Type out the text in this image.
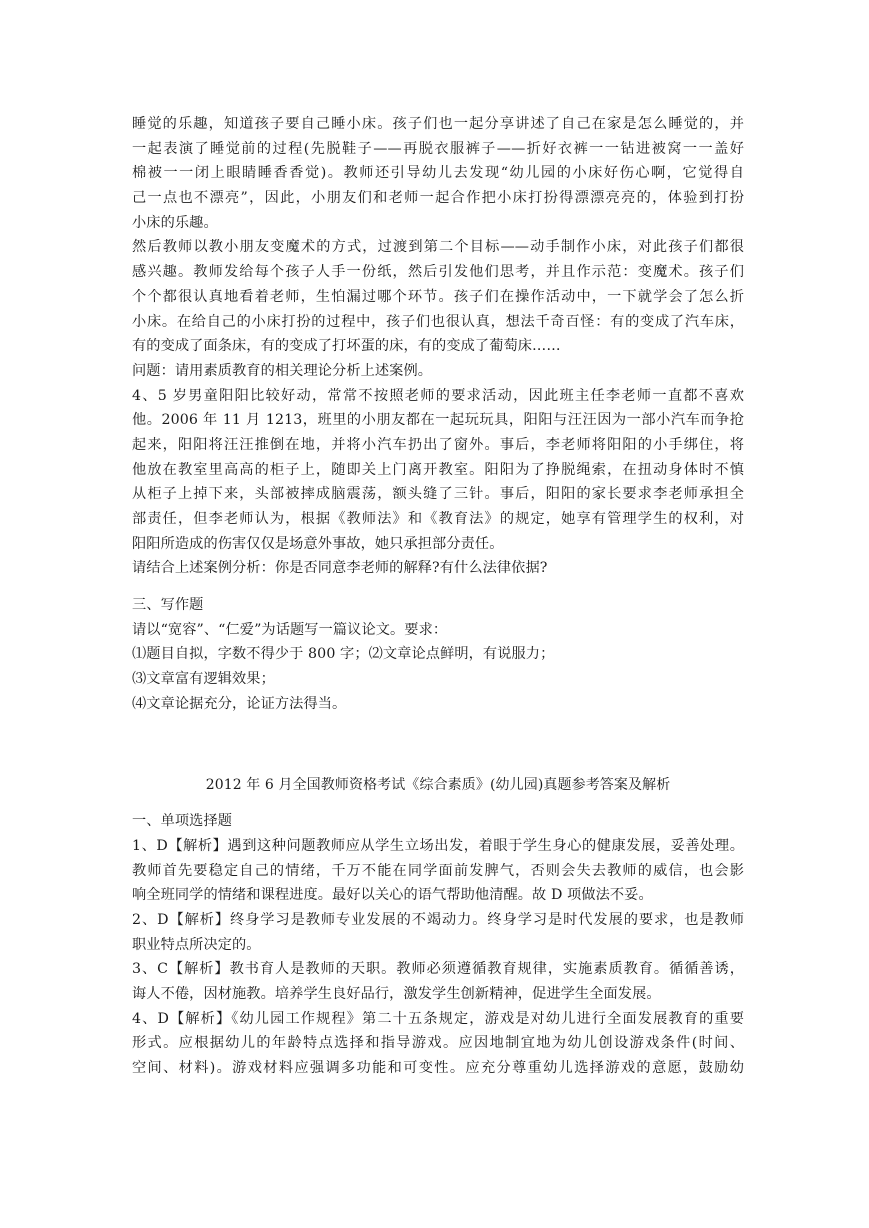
睡觉的乐趣，知道孩子要自己睡小床。孩子们也一起分享讲述了自己在家是怎么睡觉的，并
一起表演了睡觉前的过程(先脱鞋子——再脱衣服裤子——折好衣裤一一钻进被窝一一盖好
棉被一一闭上眼睛睡香香觉)。教师还引导幼儿去发现“幼儿园的小床好伤心啊，它觉得自
己一点也不漂亮”，因此，小朋友们和老师一起合作把小床打扮得漂漂亮亮的，体验到打扮
小床的乐趣。
然后教师以教小朋友变魔术的方式，过渡到第二个目标——动手制作小床，对此孩子们都很
感兴趣。教师发给每个孩子人手一份纸，然后引发他们思考，并且作示范：变魔术。孩子们
个个都很认真地看着老师，生怕漏过哪个环节。孩子们在操作活动中，一下就学会了怎么折
小床。在给自己的小床打扮的过程中，孩子们也很认真，想法千奇百怪：有的变成了汽车床，
有的变成了面条床，有的变成了打坏蛋的床，有的变成了葡萄床……
问题：请用素质教育的相关理论分析上述案例。
4、5 岁男童阳阳比较好动，常常不按照老师的要求活动，因此班主任李老师一直都不喜欢
他。2006 年 11 月 1213，班里的小朋友都在一起玩玩具，阳阳与汪汪因为一部小汽车而争抢
起来，阳阳将汪汪推倒在地，并将小汽车扔出了窗外。事后，李老师将阳阳的小手绑住，将
他放在教室里高高的柜子上，随即关上门离开教室。阳阳为了挣脱绳索，在扭动身体时不慎
从柜子上掉下来，头部被摔成脑震荡，额头缝了三针。事后，阳阳的家长要求李老师承担全
部责任，但李老师认为，根据《教师法》和《教育法》的规定，她享有管理学生的权利，对
阳阳所造成的伤害仅仅是场意外事故，她只承担部分责任。
请结合上述案例分析：你是否同意李老师的解释?有什么法律依据?
三、写作题
请以“宽容”、“仁爱”为话题写一篇议论文。要求：
⑴题目自拟，字数不得少于 800 字；⑵文章论点鲜明，有说服力；
⑶文章富有逻辑效果；
⑷文章论据充分，论证方法得当。
2012 年 6 月全国教师资格考试《综合素质》(幼儿园)真题参考答案及解析
一、单项选择题
1、D【解析】遇到这种问题教师应从学生立场出发，着眼于学生身心的健康发展，妥善处理。
教师首先要稳定自己的情绪，千万不能在同学面前发脾气，否则会失去教师的威信，也会影
响全班同学的情绪和课程进度。最好以关心的语气帮助他清醒。故 D 项做法不妥。
2、D【解析】终身学习是教师专业发展的不竭动力。终身学习是时代发展的要求，也是教师
职业特点所决定的。
3、C【解析】教书育人是教师的天职。教师必须遵循教育规律，实施素质教育。循循善诱，
诲人不倦，因材施教。培养学生良好品行，激发学生创新精神，促进学生全面发展。
4、D【解析】《幼儿园工作规程》第二十五条规定，游戏是对幼儿进行全面发展教育的重要
形式。应根据幼儿的年龄特点选择和指导游戏。应因地制宜地为幼儿创设游戏条件(时间、
空间、材料)。游戏材料应强调多功能和可变性。应充分尊重幼儿选择游戏的意愿，鼓励幼
